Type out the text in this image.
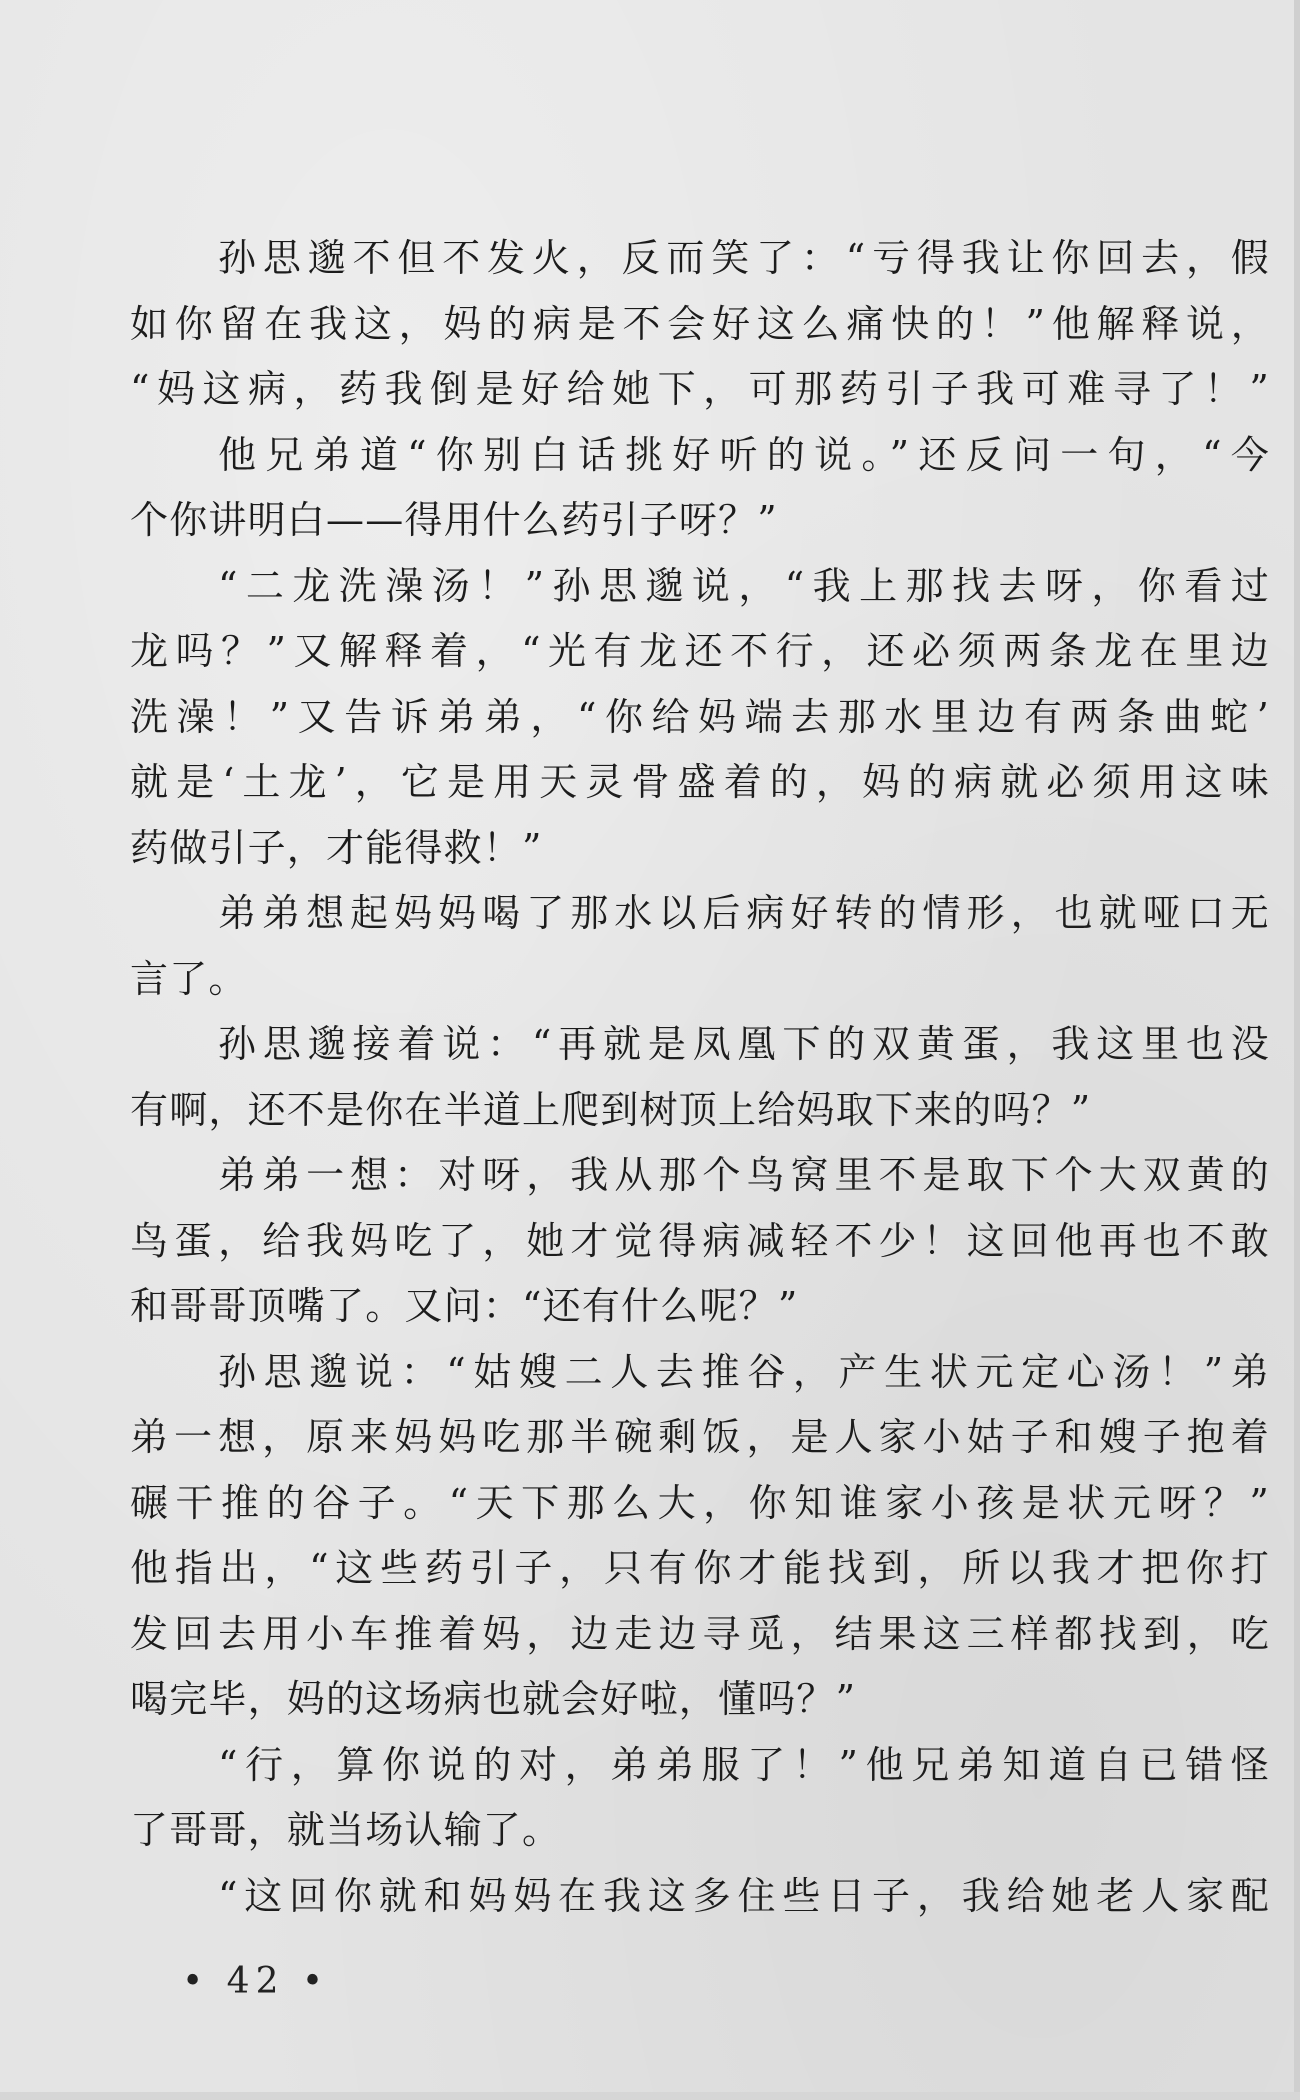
孙思邈不但不发火，反而笑了：“亏得我让你回去，假
如你留在我这，妈的病是不会好这么痛快的！”他解释说，
“妈这病，药我倒是好给她下，可那药引子我可难寻了！”
他兄弟道“你别白话挑好听的说。”还反问一句，“今
个你讲明白——得用什么药引子呀？”
“二龙洗澡汤！”孙思邈说，“我上那找去呀，你看过
龙吗？”又解释着，“光有龙还不行，还必须两条龙在里边
洗澡！”又告诉弟弟，“你给妈端去那水里边有两条曲蛇’
就是‘土龙’，它是用天灵骨盛着的，妈的病就必须用这味
药做引子，才能得救！”
弟弟想起妈妈喝了那水以后病好转的情形，也就哑口无
言了。
孙思邈接着说：“再就是凤凰下的双黄蛋，我这里也没
有啊，还不是你在半道上爬到树顶上给妈取下来的吗？”
弟弟一想：对呀，我从那个鸟窝里不是取下个大双黄的
鸟蛋，给我妈吃了，她才觉得病减轻不少！这回他再也不敢
和哥哥顶嘴了。又问：“还有什么呢？”
孙思邈说：“姑嫂二人去推谷，产生状元定心汤！”弟
弟一想，原来妈妈吃那半碗剩饭，是人家小姑子和嫂子抱着
碾干推的谷子。“天下那么大，你知谁家小孩是状元呀？”
他指出，“这些药引子，只有你才能找到，所以我才把你打
发回去用小车推着妈，边走边寻觅，结果这三样都找到，吃
喝完毕，妈的这场病也就会好啦，懂吗？”
“行，算你说的对，弟弟服了！”他兄弟知道自已错怪
了哥哥，就当场认输了。
“这回你就和妈妈在我这多住些日子，我给她老人家配
• 42 •
